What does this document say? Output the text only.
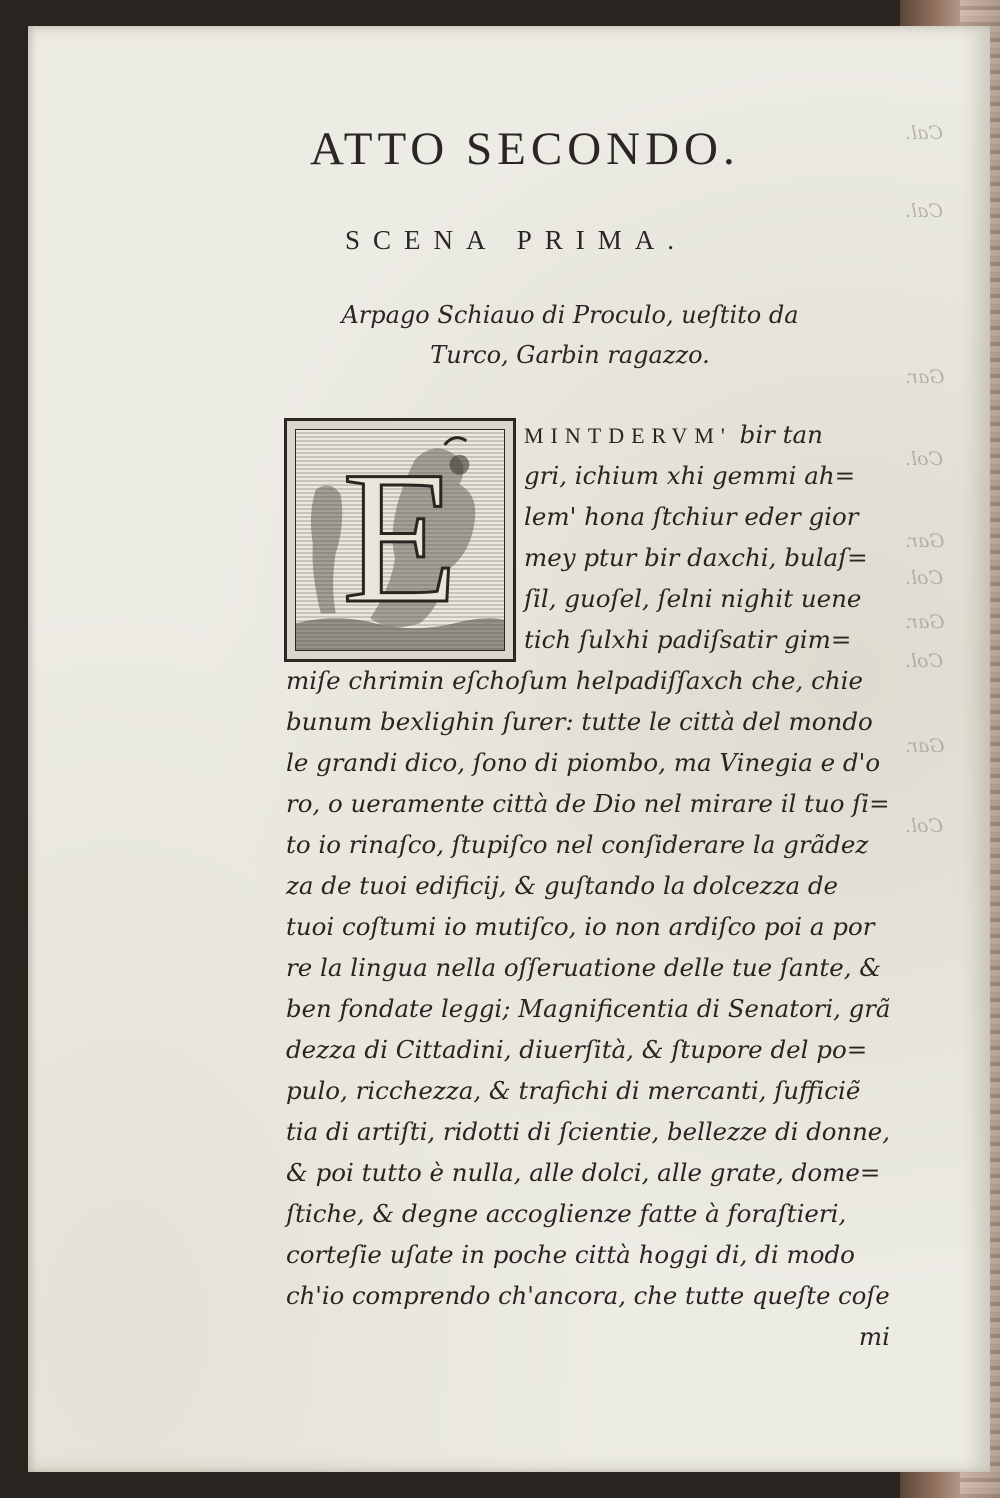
Cal.
Cal.
Gar.
Col.
Gar.
Col.
Gar.
Col.
Gar.
Col.
ATTO SECONDO.
SCENA PRIMA.
Arpago Schiauo di Proculo, ueſtito da
Turco, Garbin ragazzo.
E	MINTDERVM' bir tan
gri, ichium xhi gemmi ah=
lem' hona ſtchiur eder gior
mey ptur bir daxchi, bulaſ=
ſil, guoſel, ſelni nighit uene
tich ſulxhi padiſsatir gim=
miſe chrimin eſchoſum helpadiſſaxch che, chie
bunum bexlighin ſurer: tutte le città del mondo
le grandi dico, ſono di piombo, ma Vinegia e d'o
ro, o ueramente città de Dio nel mirare il tuo ſi=
to io rinaſco, ſtupiſco nel conſiderare la grãdez
za de tuoi edificij, & guſtando la dolcezza de
tuoi coſtumi io mutiſco, io non ardiſco poi a por
re la lingua nella oſſeruatione delle tue ſante, &
ben fondate leggi; Magnificentia di Senatori, grã
dezza di Cittadini, diuerſità, & ſtupore del po=
pulo, ricchezza, & trafichi di mercanti, ſufficiẽ
tia di artiſti, ridotti di ſcientie, bellezze di donne,
& poi tutto è nulla, alle dolci, alle grate, dome=
ſtiche, & degne accoglienze fatte à foraſtieri,
corteſie uſate in poche città hoggi di, di modo
ch'io comprendo ch'ancora, che tutte queſte coſe
mi
